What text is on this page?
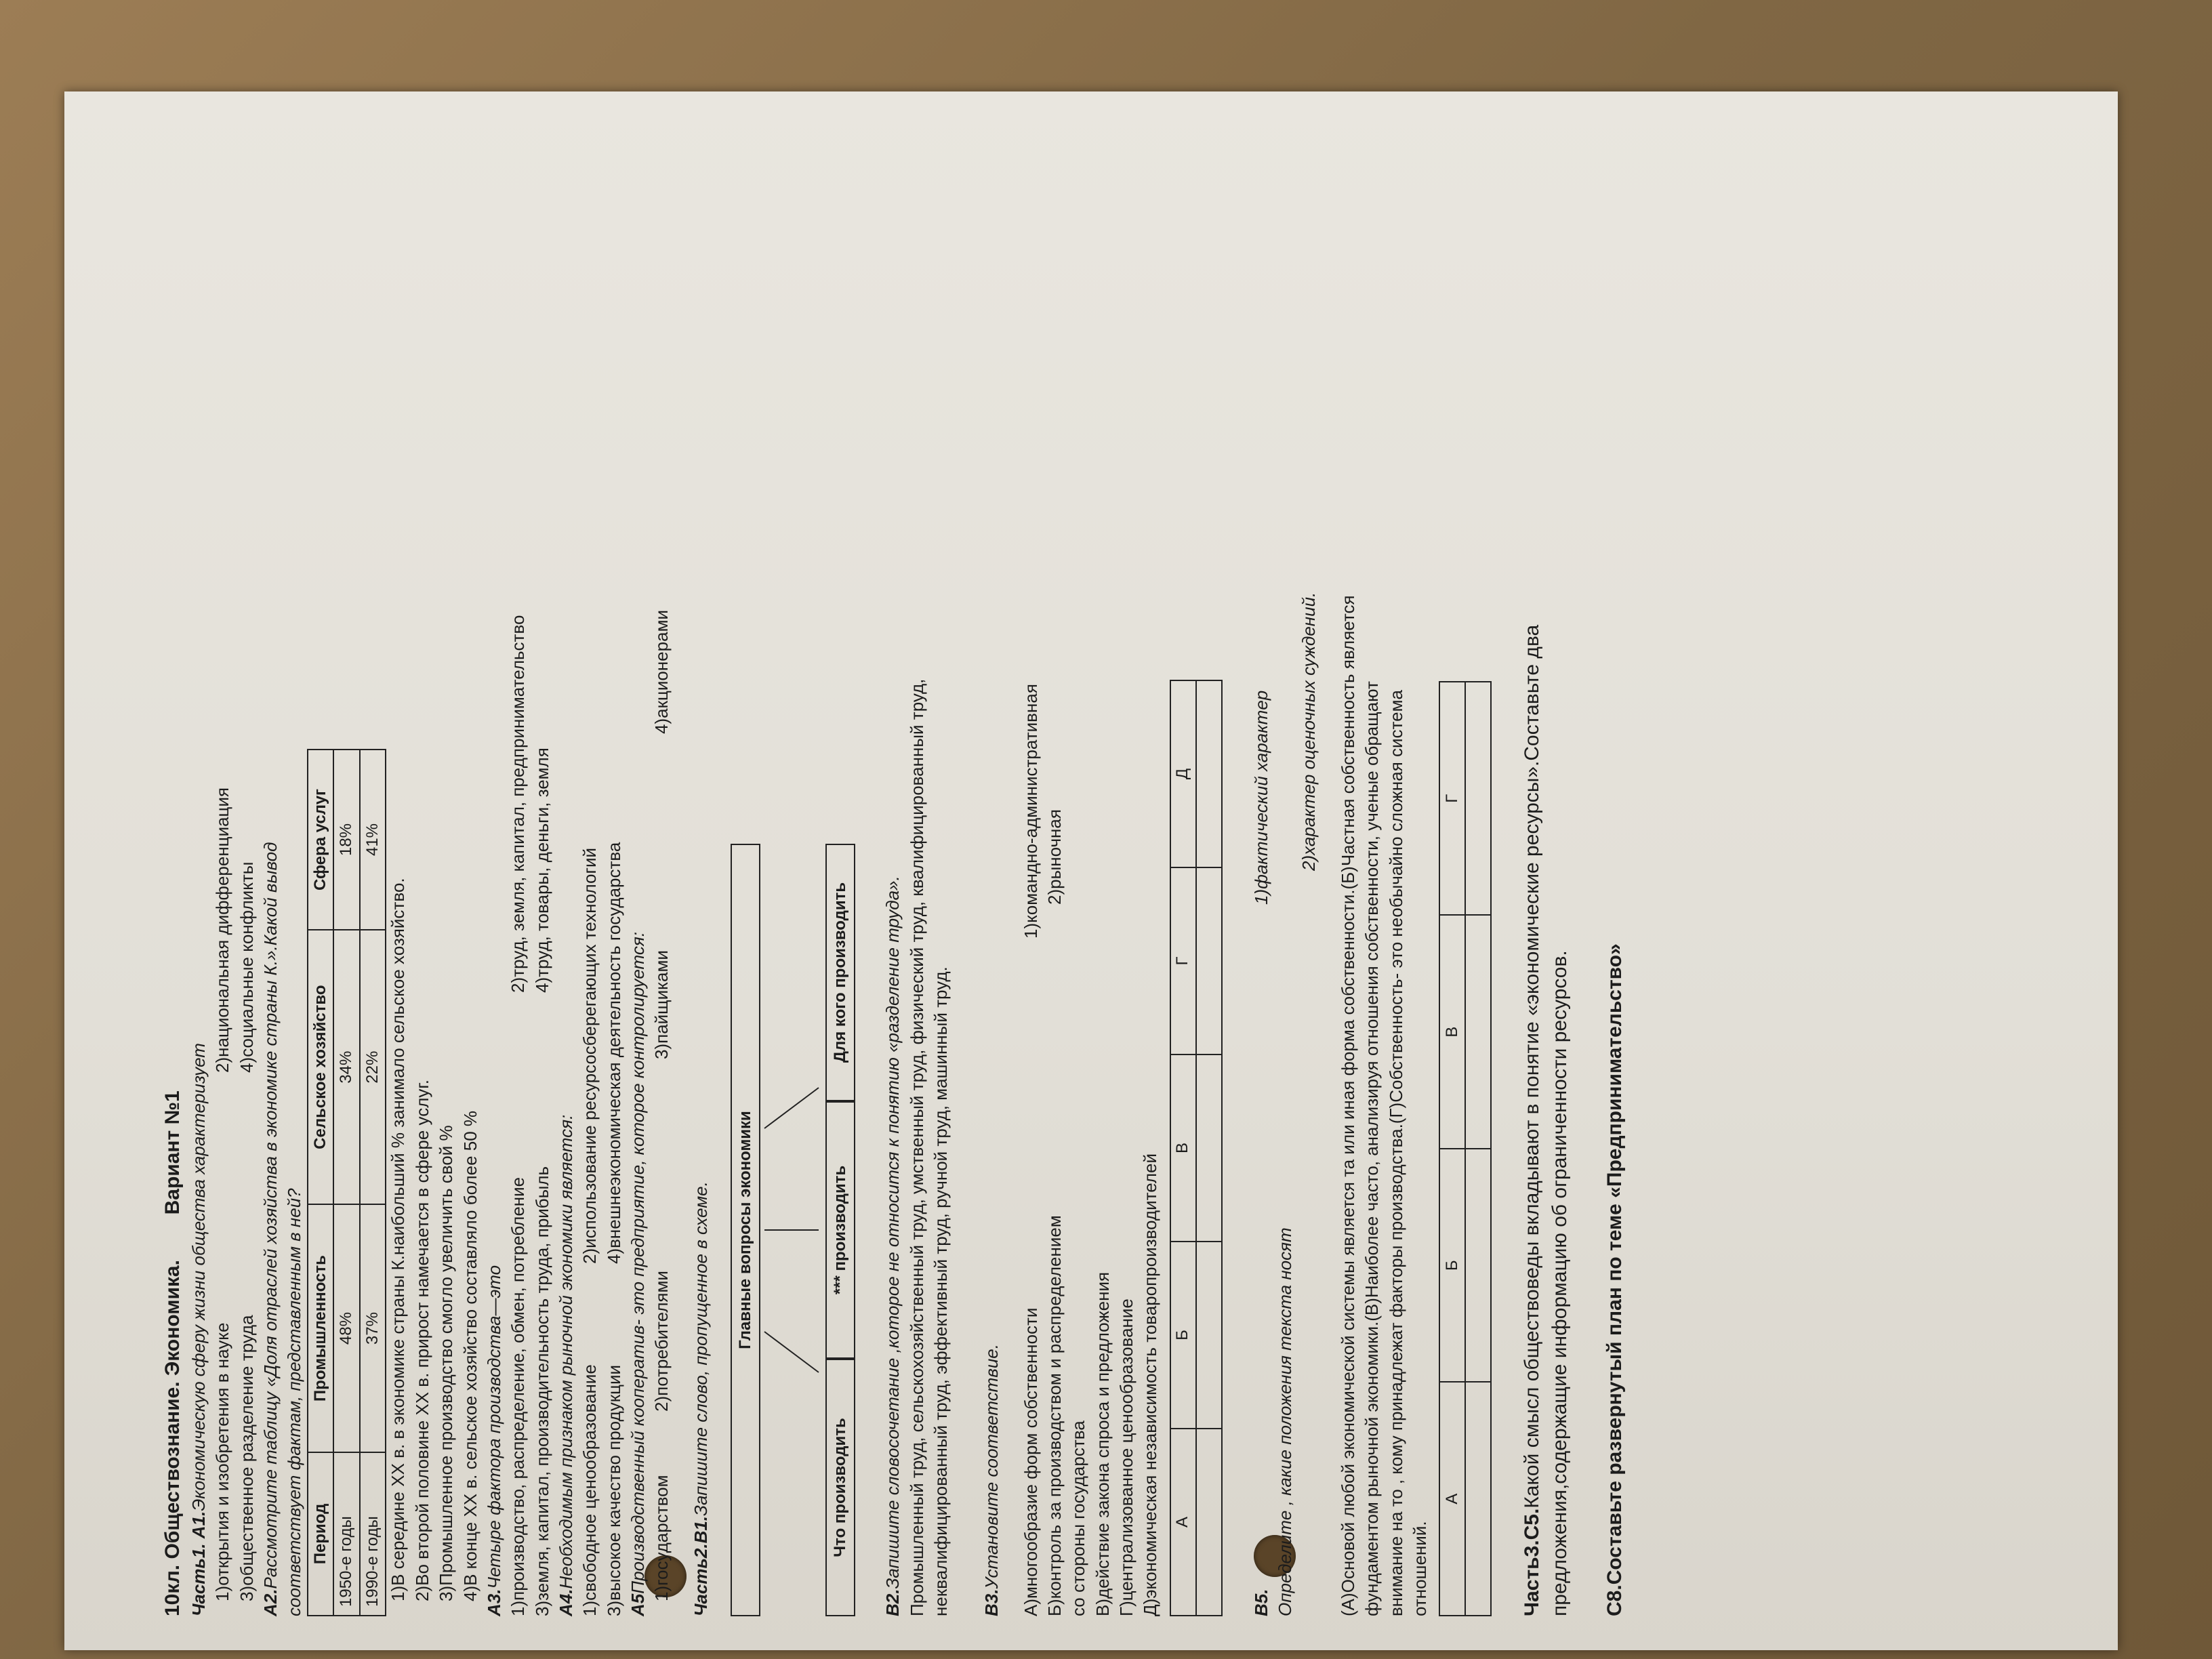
10кл. Обществознание. Экономика.        Вариант №1

Часть1. А1.Экономическую сферу жизни общества характеризует 1)открытия и изобретения в науке
2)национальная дифференциация
3)общественное разделение труда
4)социальные конфликты

А2.Рассмотрите таблицу «Доля отраслей хозяйства в экономике страны К.».Какой вывод соответствует фактам, представленным в ней? Период	Промышленность	Сельское хозяйство	Сфера услуг
1950-е годы	48%	34%	18%
1990-е годы	37%	22%	41%

1)В середине ХХ в. в экономике страны К.наибольший % занимало сельское хозяйство. 2)Во второй половине ХХ в. прирост намечается в сфере услуг. 3)Промышленное производство смогло увеличить свой % 4)В конце ХХ в. сельское хозяйство составляло более 50 %

А3.Четыре фактора производства—это 1)производство, распределение, обмен, потребление
2)труд, земля, капитал, предпринимательство
3)земля, капитал, производительность труда, прибыль
4)труд, товары, деньги, земля

А4.Необходимым признаком рыночной экономики является: 1)свободное ценообразование
2)использование ресурсосберегающих технологий
3)высокое качество продукции
4)внешнеэкономическая деятельность государства

А5Производственный кооператив- это предприятие, которое контролируется: 1)государством
2)потребителями
3)пайщиками
4)акционерами

Часть2.В1.Запишите слово, пропущенное в схеме.	Главные вопросы экономики
Что производить
*** производить
Для кого производить

В2.Запишите словосочетание ,которое не относится к понятию «разделение труда». Промышленный труд, сельскохозяйственный труд, умственный труд, физический труд, квалифицированный труд, неквалифицированный труд, эффективный труд, ручной труд, машинный труд. В3.Установите соответствие. А)многообразие форм собственности
1)командно-административная
Б)контроль за производством и распределением
2)рыночная

со стороны государства В)действие закона спроса и предложения Г)централизованное ценообразование Д)экономическая независимость товаропроизводителей А	Б	В	Г	Д

В5. Определите , какие положения текста носят
1)фактический характер	2)характер оценочных суждений. (А)Основой любой экономической системы является та или иная форма собственности.(Б)Частная собственность является фундаментом рыночной экономики.(В)Наиболее часто, анализируя отношения собственности, ученые обращают внимание на то , кому принадлежат факторы производства.(Г)Собственность- это необычайно сложная система отношений.

А	Б	В	Г

Часть3.С5.Какой смысл обществоведы вкладывают в понятие «экономические ресурсы».Составьте два предложения,содержащие информацию об ограниченности ресурсов. С8.Составьте развернутый план по теме «Предпринимательство»
